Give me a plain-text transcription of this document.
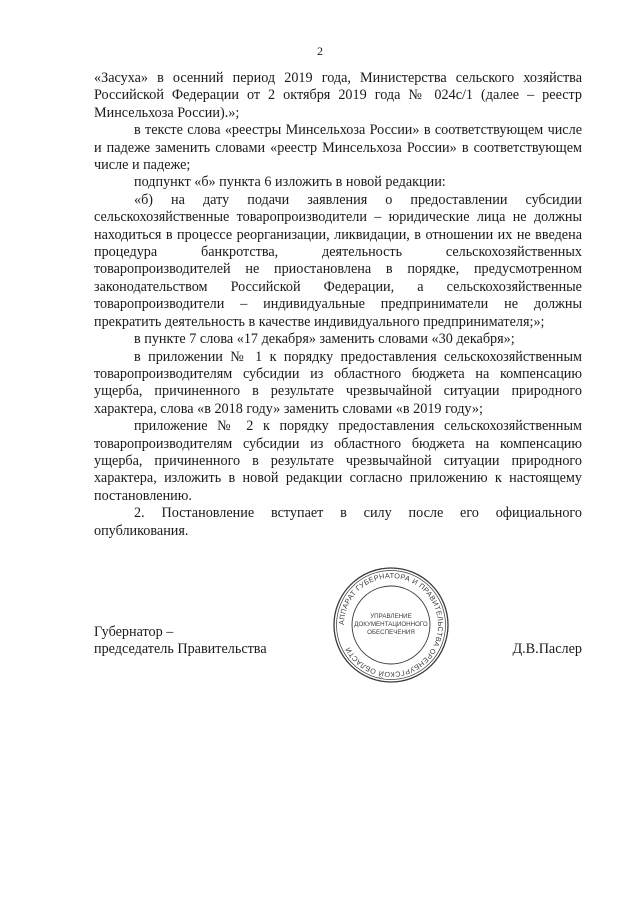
2

«Засуха» в осенний период 2019 года, Министерства сельского хозяйства Российской Федерации от 2 октября 2019 года № 024с/1 (далее – реестр Минсельхоза России).»;

в тексте слова «реестры Минсельхоза России» в соответствующем числе и падеже заменить словами «реестр Минсельхоза России» в соответствующем числе и падеже;

подпункт «б» пункта 6 изложить в новой редакции:

«б) на дату подачи заявления о предоставлении субсидии сельскохозяйственные товаропроизводители – юридические лица не должны находиться в процессе реорганизации, ликвидации, в отношении их не введена процедура банкротства, деятельность сельскохозяйственных товаропроизводителей не приостановлена в порядке, предусмотренном законодательством Российской Федерации, а сельскохозяйственные товаропроизводители – индивидуальные предприниматели не должны прекратить деятельность в качестве индивидуального предпринимателя;»;

в пункте 7 слова «17 декабря» заменить словами «30 декабря»;

в приложении № 1 к порядку предоставления сельскохозяйственным товаропроизводителям субсидии из областного бюджета на компенсацию ущерба, причиненного в результате чрезвычайной ситуации природного характера, слова «в 2018 году» заменить словами «в 2019 году»;

приложение № 2 к порядку предоставления сельскохозяйственным товаропроизводителям субсидии из областного бюджета на компенсацию ущерба, причиненного в результате чрезвычайной ситуации природного характера, изложить в новой редакции согласно приложению к настоящему постановлению.

2. Постановление вступает в силу после его официального опубликования.

Губернатор –
председатель Правительства
АППАРАТ ГУБЕРНАТОРА И ПРАВИТЕЛЬСТВА ОРЕНБУРГСКОЙ ОБЛАСТИ
УПРАВЛЕНИЕ
ДОКУМЕНТАЦИОННОГО
ОБЕСПЕЧЕНИЯ
Д.В.Паслер
